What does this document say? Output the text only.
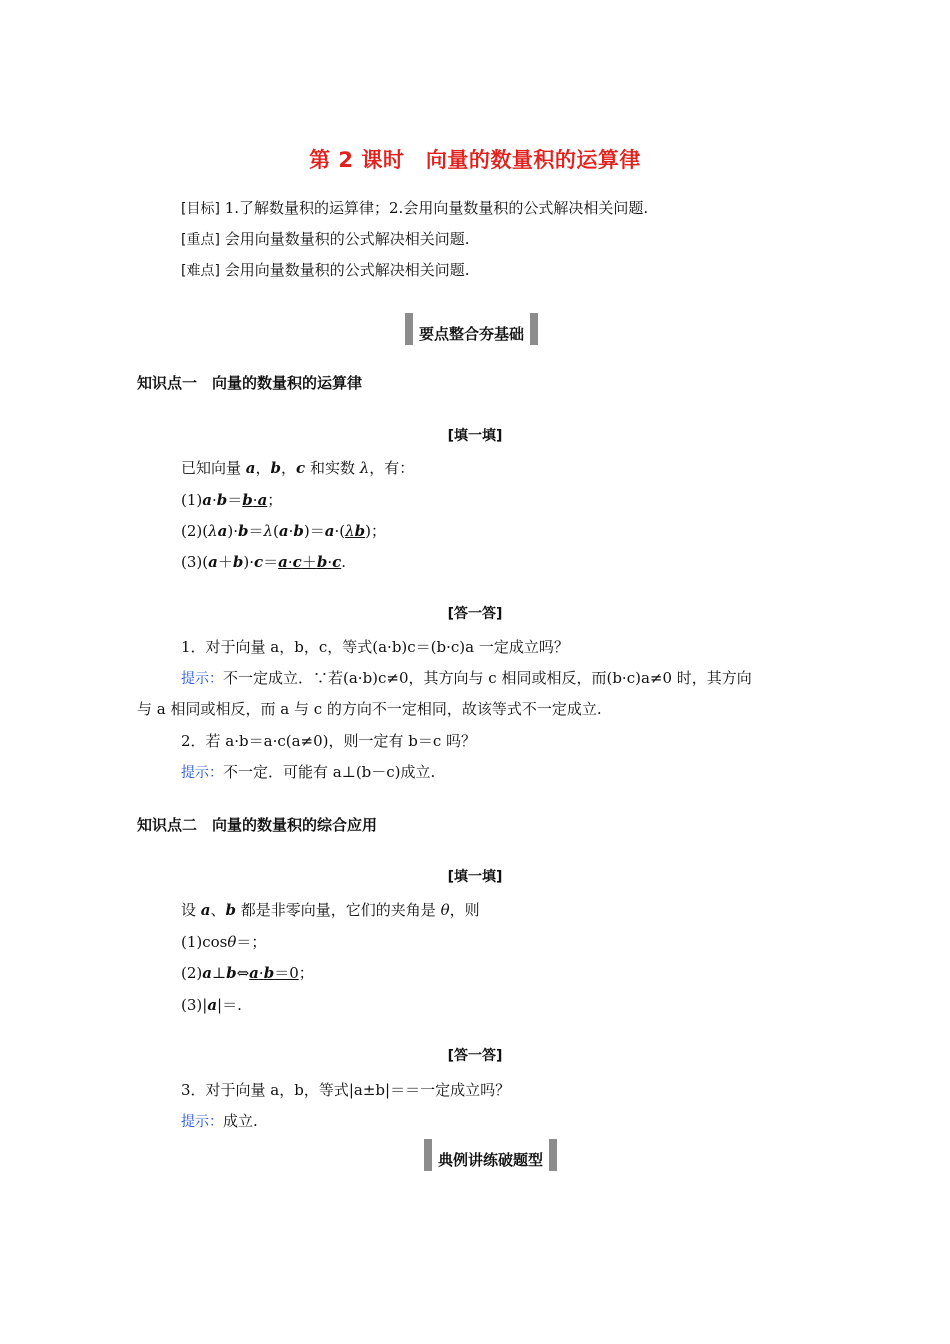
第 2 课时　向量的数量积的运算律
[目标] 1.了解数量积的运算律；2.会用向量数量积的公式解决相关问题.
[重点] 会用向量数量积的公式解决相关问题.
[难点] 会用向量数量积的公式解决相关问题.
要点整合夯基础
知识点一　向量的数量积的运算律
[填一填]
已知向量 a，b，c 和实数 λ，有：
(1)a·b＝b·a；
(2)(λa)·b＝λ(a·b)＝a·(λb)；
(3)(a＋b)·c＝a·c＋b·c.
[答一答]
1．对于向量 a，b，c，等式(a·b)c＝(b·c)a 一定成立吗？
提示：不一定成立．∵若(a·b)c≠0，其方向与 c 相同或相反，而(b·c)a≠0 时，其方向
与 a 相同或相反，而 a 与 c 的方向不一定相同，故该等式不一定成立.
2．若 a·b＝a·c(a≠0)，则一定有 b＝c 吗？
提示：不一定．可能有 a⊥(b－c)成立.
知识点二　向量的数量积的综合应用
[填一填]
设 a、b 都是非零向量，它们的夹角是 θ，则
(1)cosθ＝；
(2)a⊥b⇔a·b＝0；
(3)|a|＝.
[答一答]
3．对于向量 a，b，等式|a±b|＝＝一定成立吗？
提示：成立.
典例讲练破题型
